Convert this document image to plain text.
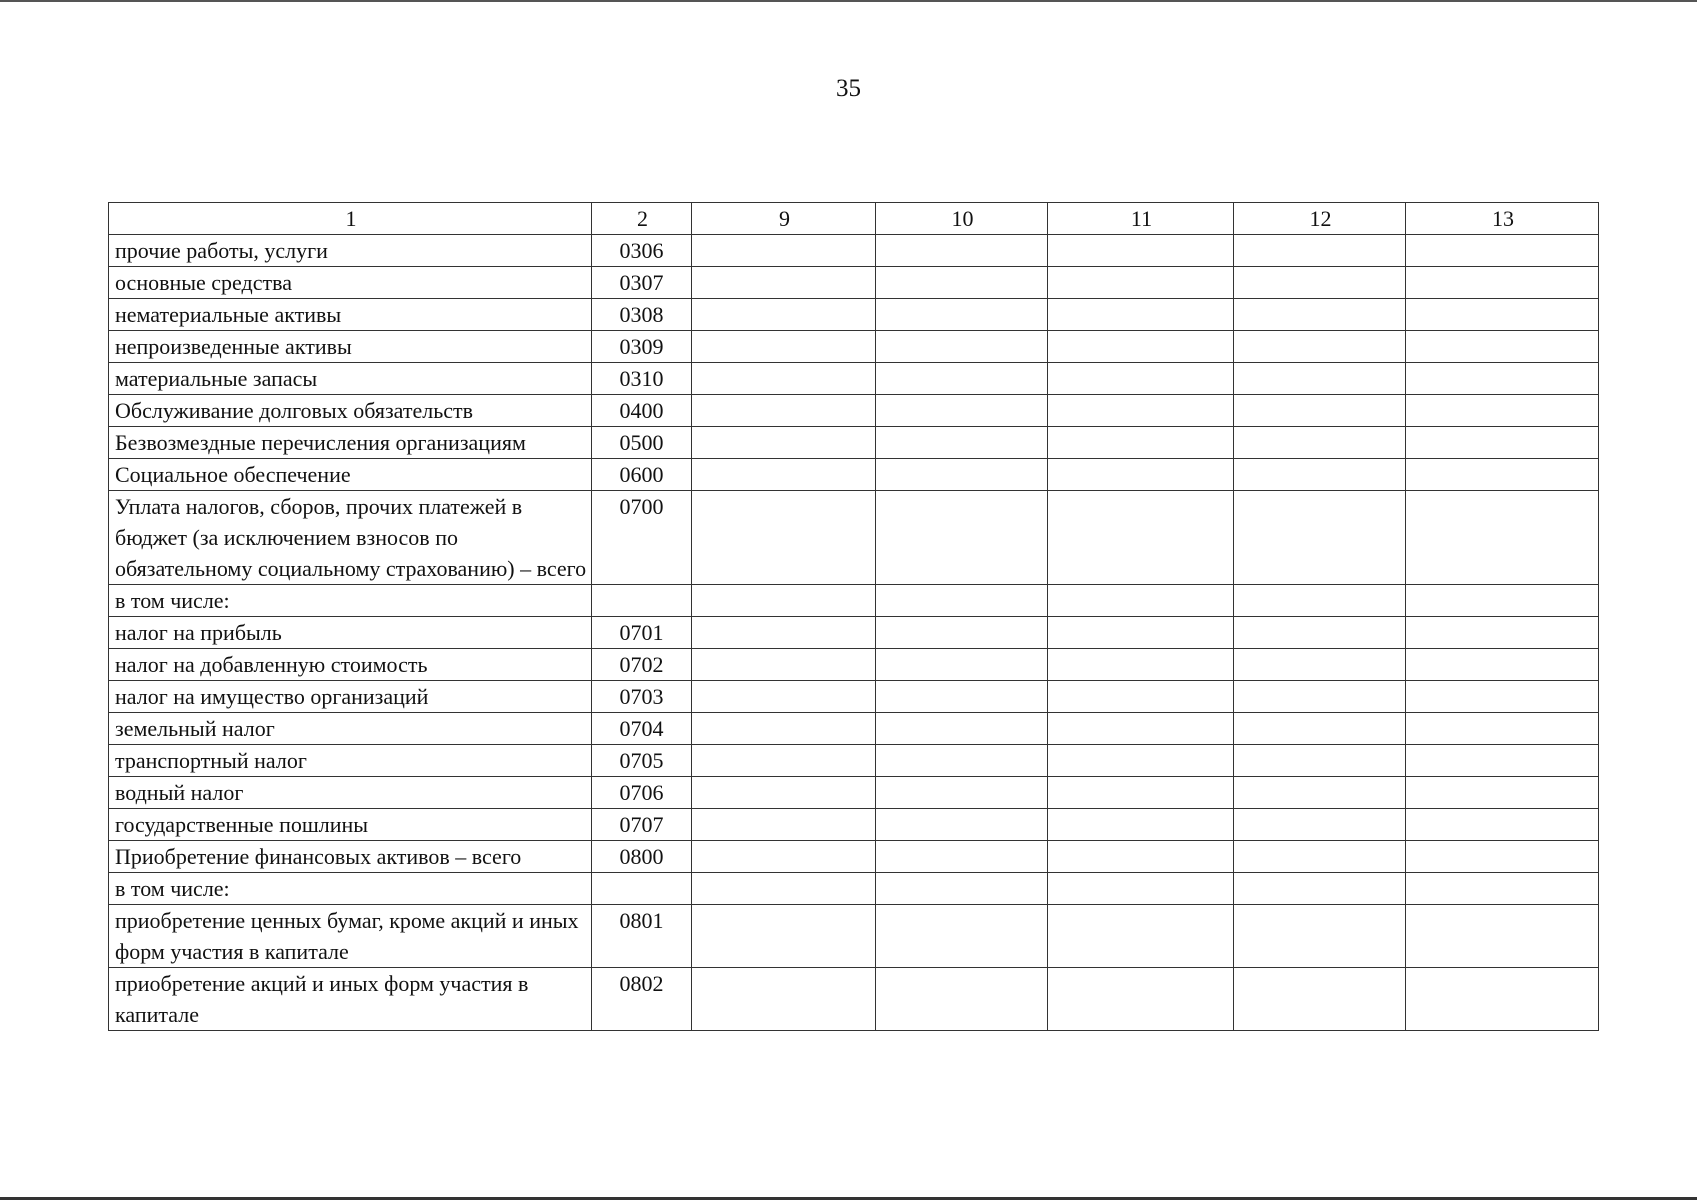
35
1	2	9	10	11	12	13
прочие работы, услуги	0306					
основные средства	0307					
нематериальные активы	0308					
непроизведенные активы	0309					
материальные запасы	0310					
Обслуживание долговых обязательств	0400					
Безвозмездные перечисления организациям	0500					
Социальное обеспечение	0600					
Уплата налогов, сборов, прочих платежей в бюджет (за исключением взносов по обязательному социальному страхованию) – всего	0700					
в том числе:						
налог на прибыль	0701					
налог на добавленную стоимость	0702					
налог на имущество организаций	0703					
земельный налог	0704					
транспортный налог	0705					
водный налог	0706					
государственные пошлины	0707					
Приобретение финансовых активов – всего	0800					
в том числе:						
приобретение ценных бумаг, кроме акций и иных форм участия в капитале	0801					
приобретение акций и иных форм участия в капитале	0802					
